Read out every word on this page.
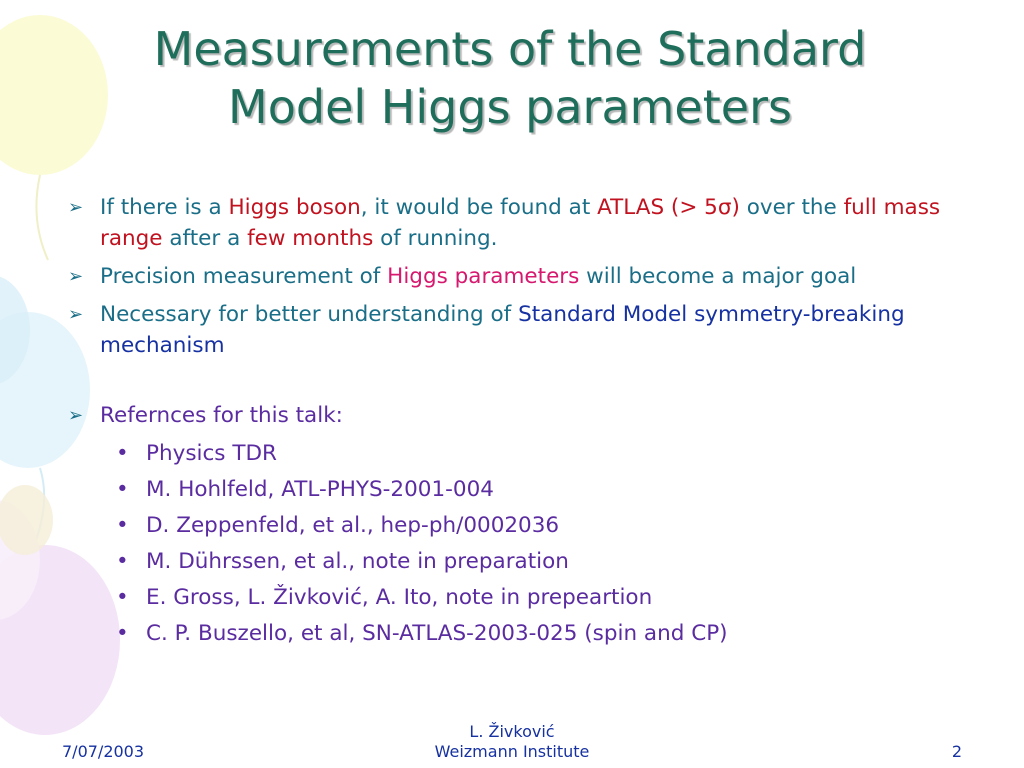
Measurements of the Standard
Model Higgs parameters
➢ If there is a Higgs boson, it would be found at ATLAS (> 5σ) over the full mass range after a few months of running.
➢ Precision measurement of Higgs parameters will become a major goal
➢ Necessary for better understanding of Standard Model symmetry-breaking mechanism
➢ Refernces for this talk:
• Physics TDR
• M. Hohlfeld, ATL-PHYS-2001-004
• D. Zeppenfeld, et al., hep-ph/0002036
• M. Dührssen, et al., note in preparation
• E. Gross, L. Živković, A. Ito, note in prepeartion
• C. P. Buszello, et al, SN-ATLAS-2003-025 (spin and CP)
7/07/2003
L. Živković
Weizmann Institute	2
